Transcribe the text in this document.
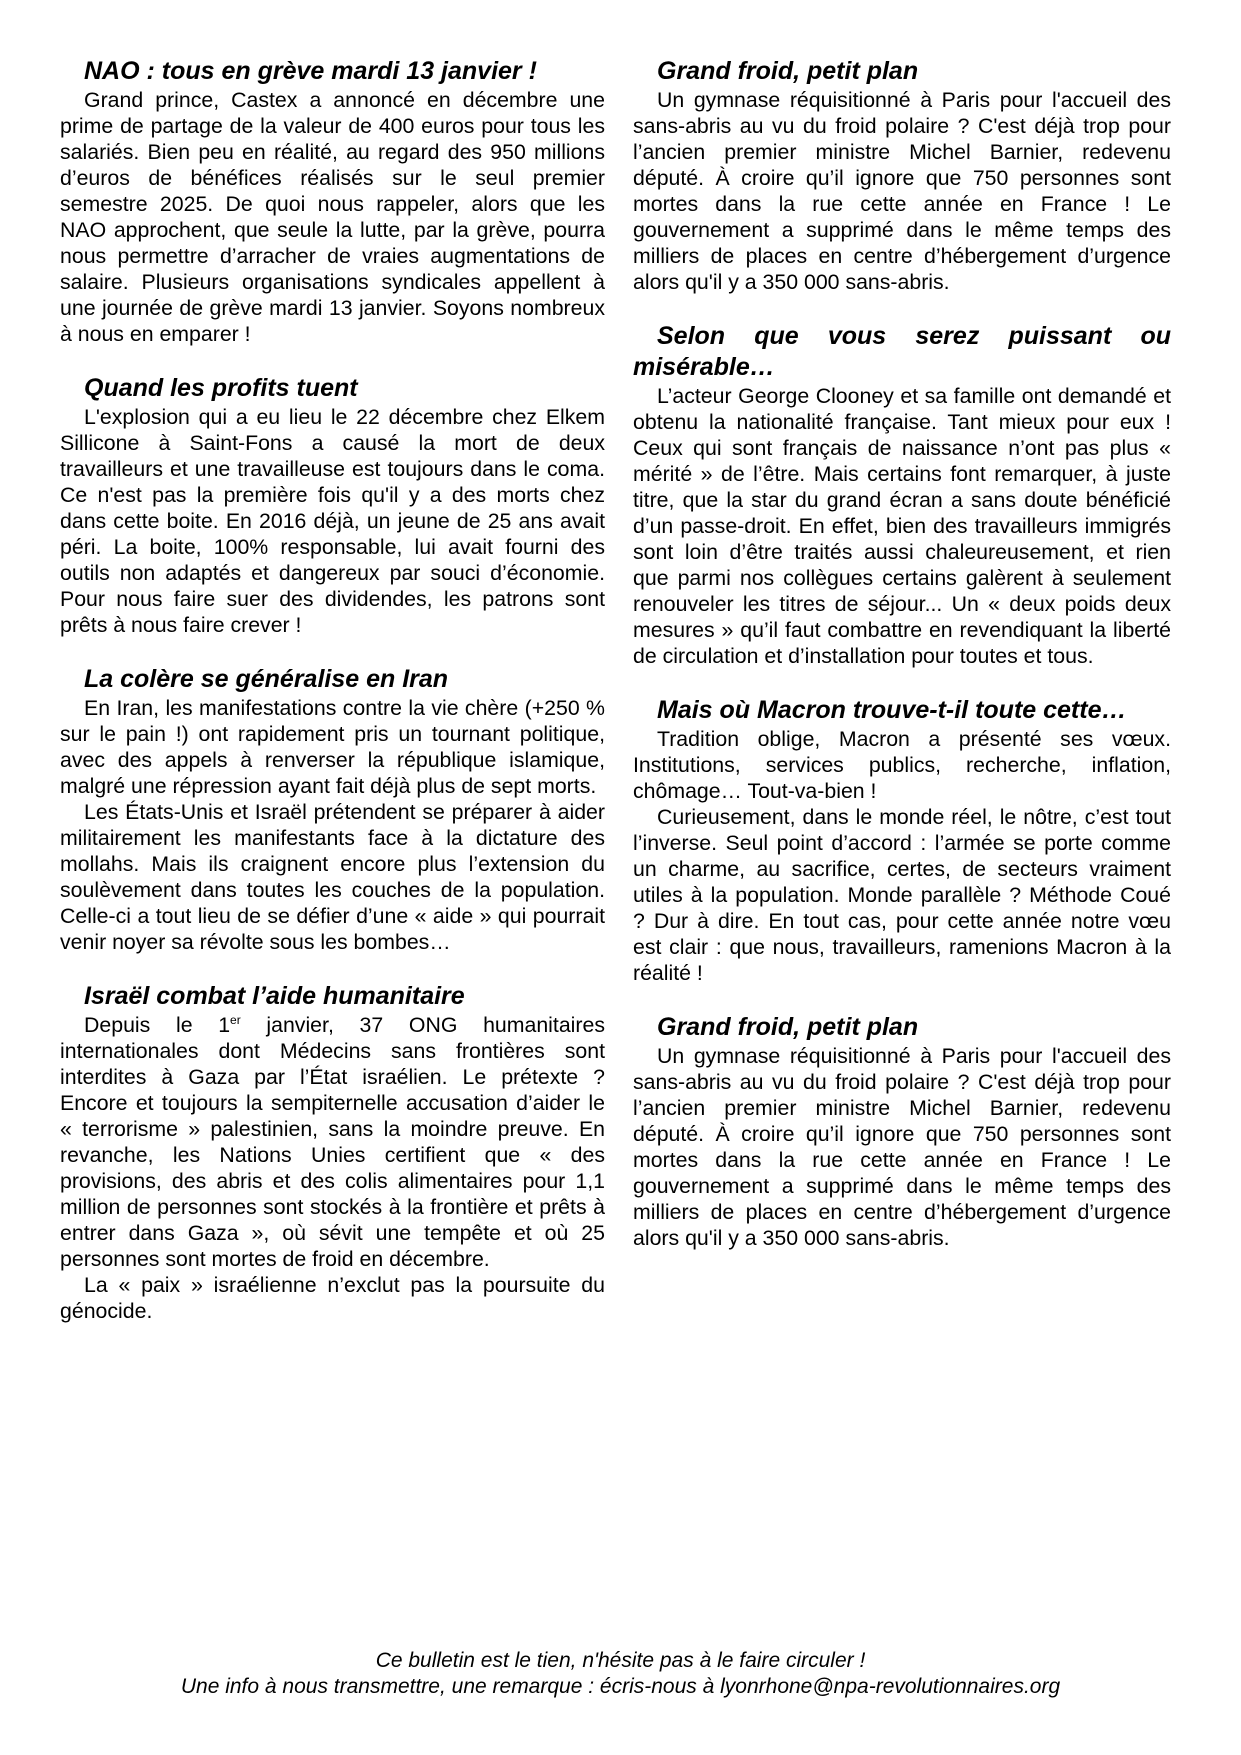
NAO : tous en grève mardi 13 janvier !

Grand prince, Castex a annoncé en décembre une prime de partage de la valeur de 400 euros pour tous les salariés. Bien peu en réalité, au regard des 950 millions d’euros de bénéfices réalisés sur le seul premier semestre 2025. De quoi nous rappeler, alors que les NAO approchent, que seule la lutte, par la grève, pourra nous permettre d’arracher de vraies augmentations de salaire. Plusieurs organisations syndicales appellent à une journée de grève mardi 13 janvier. Soyons nombreux à nous en emparer !

Quand les profits tuent

L'explosion qui a eu lieu le 22 décembre chez Elkem Sillicone à Saint-Fons a causé la mort de deux travailleurs et une travailleuse est toujours dans le coma. Ce n'est pas la première fois qu'il y a des morts chez dans cette boite. En 2016 déjà, un jeune de 25 ans avait péri. La boite, 100% responsable, lui avait fourni des outils non adaptés et dangereux par souci d’économie. Pour nous faire suer des dividendes, les patrons sont prêts à nous faire crever !

La colère se généralise en Iran

En Iran, les manifestations contre la vie chère (+250 % sur le pain !) ont rapidement pris un tournant politique, avec des appels à renverser la république islamique, malgré une répression ayant fait déjà plus de sept morts.

Les États-Unis et Israël prétendent se préparer à aider militairement les manifestants face à la dictature des mollahs. Mais ils craignent encore plus l’extension du soulèvement dans toutes les couches de la population. Celle-ci a tout lieu de se défier d’une « aide » qui pourrait venir noyer sa révolte sous les bombes…

Israël combat l’aide humanitaire

Depuis le 1er janvier, 37 ONG humanitaires internationales dont Médecins sans frontières sont interdites à Gaza par l’État israélien. Le prétexte ? Encore et toujours la sempiternelle accusation d’aider le « terrorisme » palestinien, sans la moindre preuve. En revanche, les Nations Unies certifient que « des provisions, des abris et des colis alimentaires pour 1,1 million de personnes sont stockés à la frontière et prêts à entrer dans Gaza », où sévit une tempête et où 25 personnes sont mortes de froid en décembre.

La « paix » israélienne n’exclut pas la poursuite du génocide.

Grand froid, petit plan

Un gymnase réquisitionné à Paris pour l'accueil des sans-abris au vu du froid polaire ? C'est déjà trop pour l’ancien premier ministre Michel Barnier, redevenu député. À croire qu’il ignore que 750 personnes sont mortes dans la rue cette année en France ! Le gouvernement a supprimé dans le même temps des milliers de places en centre d’hébergement d’urgence alors qu'il y a 350 000 sans-abris.

Selon que vous serez puissant ou misérable…

L’acteur George Clooney et sa famille ont demandé et obtenu la nationalité française. Tant mieux pour eux ! Ceux qui sont français de naissance n’ont pas plus « mérité » de l’être. Mais certains font remarquer, à juste titre, que la star du grand écran a sans doute bénéficié d’un passe-droit. En effet, bien des travailleurs immigrés sont loin d’être traités aussi chaleureusement, et rien que parmi nos collègues certains galèrent à seulement renouveler les titres de séjour... Un « deux poids deux mesures » qu’il faut combattre en revendiquant la liberté de circulation et d’installation pour toutes et tous.

Mais où Macron trouve-t-il toute cette…

Tradition oblige, Macron a présenté ses vœux. Institutions, services publics, recherche, inflation, chômage… Tout-va-bien !

Curieusement, dans le monde réel, le nôtre, c’est tout l’inverse. Seul point d’accord : l’armée se porte comme un charme, au sacrifice, certes, de secteurs vraiment utiles à la population. Monde parallèle ? Méthode Coué ? Dur à dire. En tout cas, pour cette année notre vœu est clair : que nous, travailleurs, ramenions Macron à la réalité !

Grand froid, petit plan

Un gymnase réquisitionné à Paris pour l'accueil des sans-abris au vu du froid polaire ? C'est déjà trop pour l’ancien premier ministre Michel Barnier, redevenu député. À croire qu’il ignore que 750 personnes sont mortes dans la rue cette année en France ! Le gouvernement a supprimé dans le même temps des milliers de places en centre d’hébergement d’urgence alors qu'il y a 350 000 sans-abris.

Ce bulletin est le tien, n'hésite pas à le faire circuler !
Une info à nous transmettre, une remarque : écris-nous à lyonrhone@npa-revolutionnaires.org
